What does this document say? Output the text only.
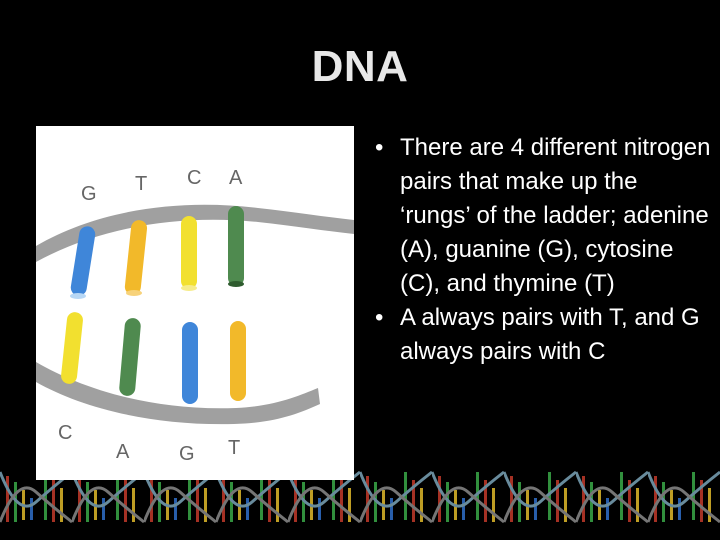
DNA
G T C A
C
A G T
• There are 4 different nitrogen pairs that make up the ‘rungs’ of the ladder; adenine (A), guanine (G), cytosine (C), and thymine (T)
• A always pairs with T, and G always pairs with C
